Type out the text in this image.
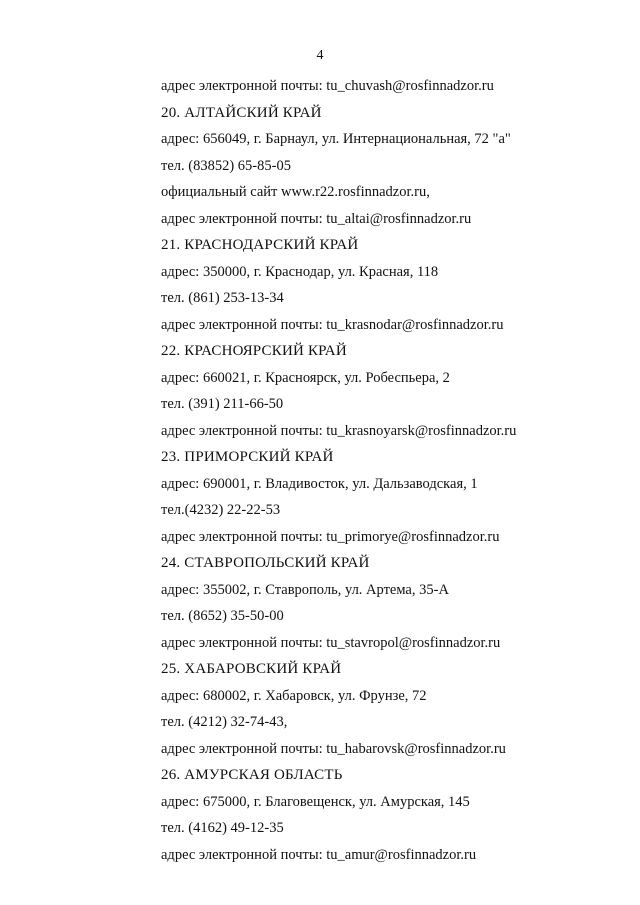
4
адрес электронной почты: tu_chuvash@rosfinnadzor.ru
20. АЛТАЙСКИЙ КРАЙ
адрес: 656049, г. Барнаул, ул. Интернациональная, 72 "а"
тел. (83852) 65-85-05
официальный сайт www.r22.rosfinnadzor.ru,
адрес электронной почты: tu_altai@rosfinnadzor.ru
21. КРАСНОДАРСКИЙ КРАЙ
адрес: 350000, г. Краснодар, ул. Красная, 118
тел. (861) 253-13-34
адрес электронной почты: tu_krasnodar@rosfinnadzor.ru
22. КРАСНОЯРСКИЙ КРАЙ
адрес: 660021, г. Красноярск, ул. Робеспьера, 2
тел. (391) 211-66-50
адрес электронной почты: tu_krasnoyarsk@rosfinnadzor.ru
23. ПРИМОРСКИЙ КРАЙ
адрес: 690001, г. Владивосток, ул. Дальзаводская, 1
тел.(4232) 22-22-53
адрес электронной почты: tu_primorye@rosfinnadzor.ru
24. СТАВРОПОЛЬСКИЙ КРАЙ
адрес: 355002, г. Ставрополь, ул. Артема, 35-А
тел. (8652) 35-50-00
адрес электронной почты: tu_stavropol@rosfinnadzor.ru
25. ХАБАРОВСКИЙ КРАЙ
адрес: 680002, г. Хабаровск, ул. Фрунзе, 72
тел. (4212) 32-74-43,
адрес электронной почты: tu_habarovsk@rosfinnadzor.ru
26. АМУРСКАЯ ОБЛАСТЬ
адрес: 675000, г. Благовещенск, ул. Амурская, 145
тел. (4162) 49-12-35
адрес электронной почты: tu_amur@rosfinnadzor.ru
